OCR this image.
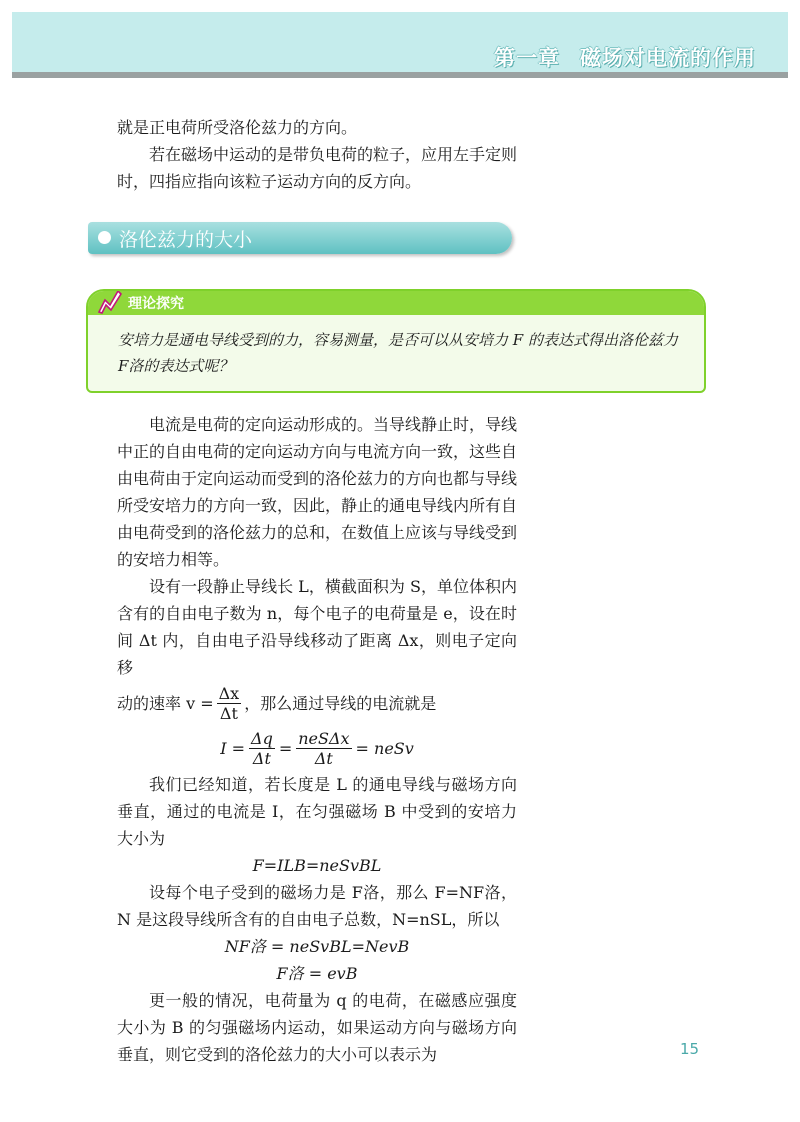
第一章 磁场对电流的作用

就是正电荷所受洛伦兹力的方向。

若在磁场中运动的是带负电荷的粒子，应用左手定则时，四指应指向该粒子运动方向的反方向。

洛伦兹力的大小
理论探究

安培力是通电导线受到的力，容易测量，是否可以从安培力 F 的表达式得出洛伦兹力 F洛的表达式呢？

电流是电荷的定向运动形成的。当导线静止时，导线中正的自由电荷的定向运动方向与电流方向一致，这些自由电荷由于定向运动而受到的洛伦兹力的方向也都与导线所受安培力的方向一致，因此，静止的通电导线内所有自由电荷受到的洛伦兹力的总和，在数值上应该与导线受到的安培力相等。

设有一段静止导线长 L，横截面积为 S，单位体积内含有的自由电子数为 n，每个电子的电荷量是 e，设在时间 Δt 内，自由电子沿导线移动了距离 Δx，则电子定向移

动的速率 $v = \frac{\Delta x}{\Delta t}$ ，那么通过导线的电流就是

$I = \frac{\Delta q}{\Delta t}$ =
neSΔx
Δt
= neSv

我们已经知道，若长度是 L 的通电导线与磁场方向垂直，通过的电流是 I，在匀强磁场 B 中受到的安培力大小为

F=ILB=neSvBL

设每个电子受到的磁场力是 F洛，那么 F=NF洛，N 是这段导线所含有的自由电子总数，N=nSL，所以

NF洛 = neSvBL=NevB

F洛 = evB

更一般的情况，电荷量为 q 的电荷，在磁感应强度大小为 B 的匀强磁场内运动，如果运动方向与磁场方向垂直，则它受到的洛伦兹力的大小可以表示为	15
